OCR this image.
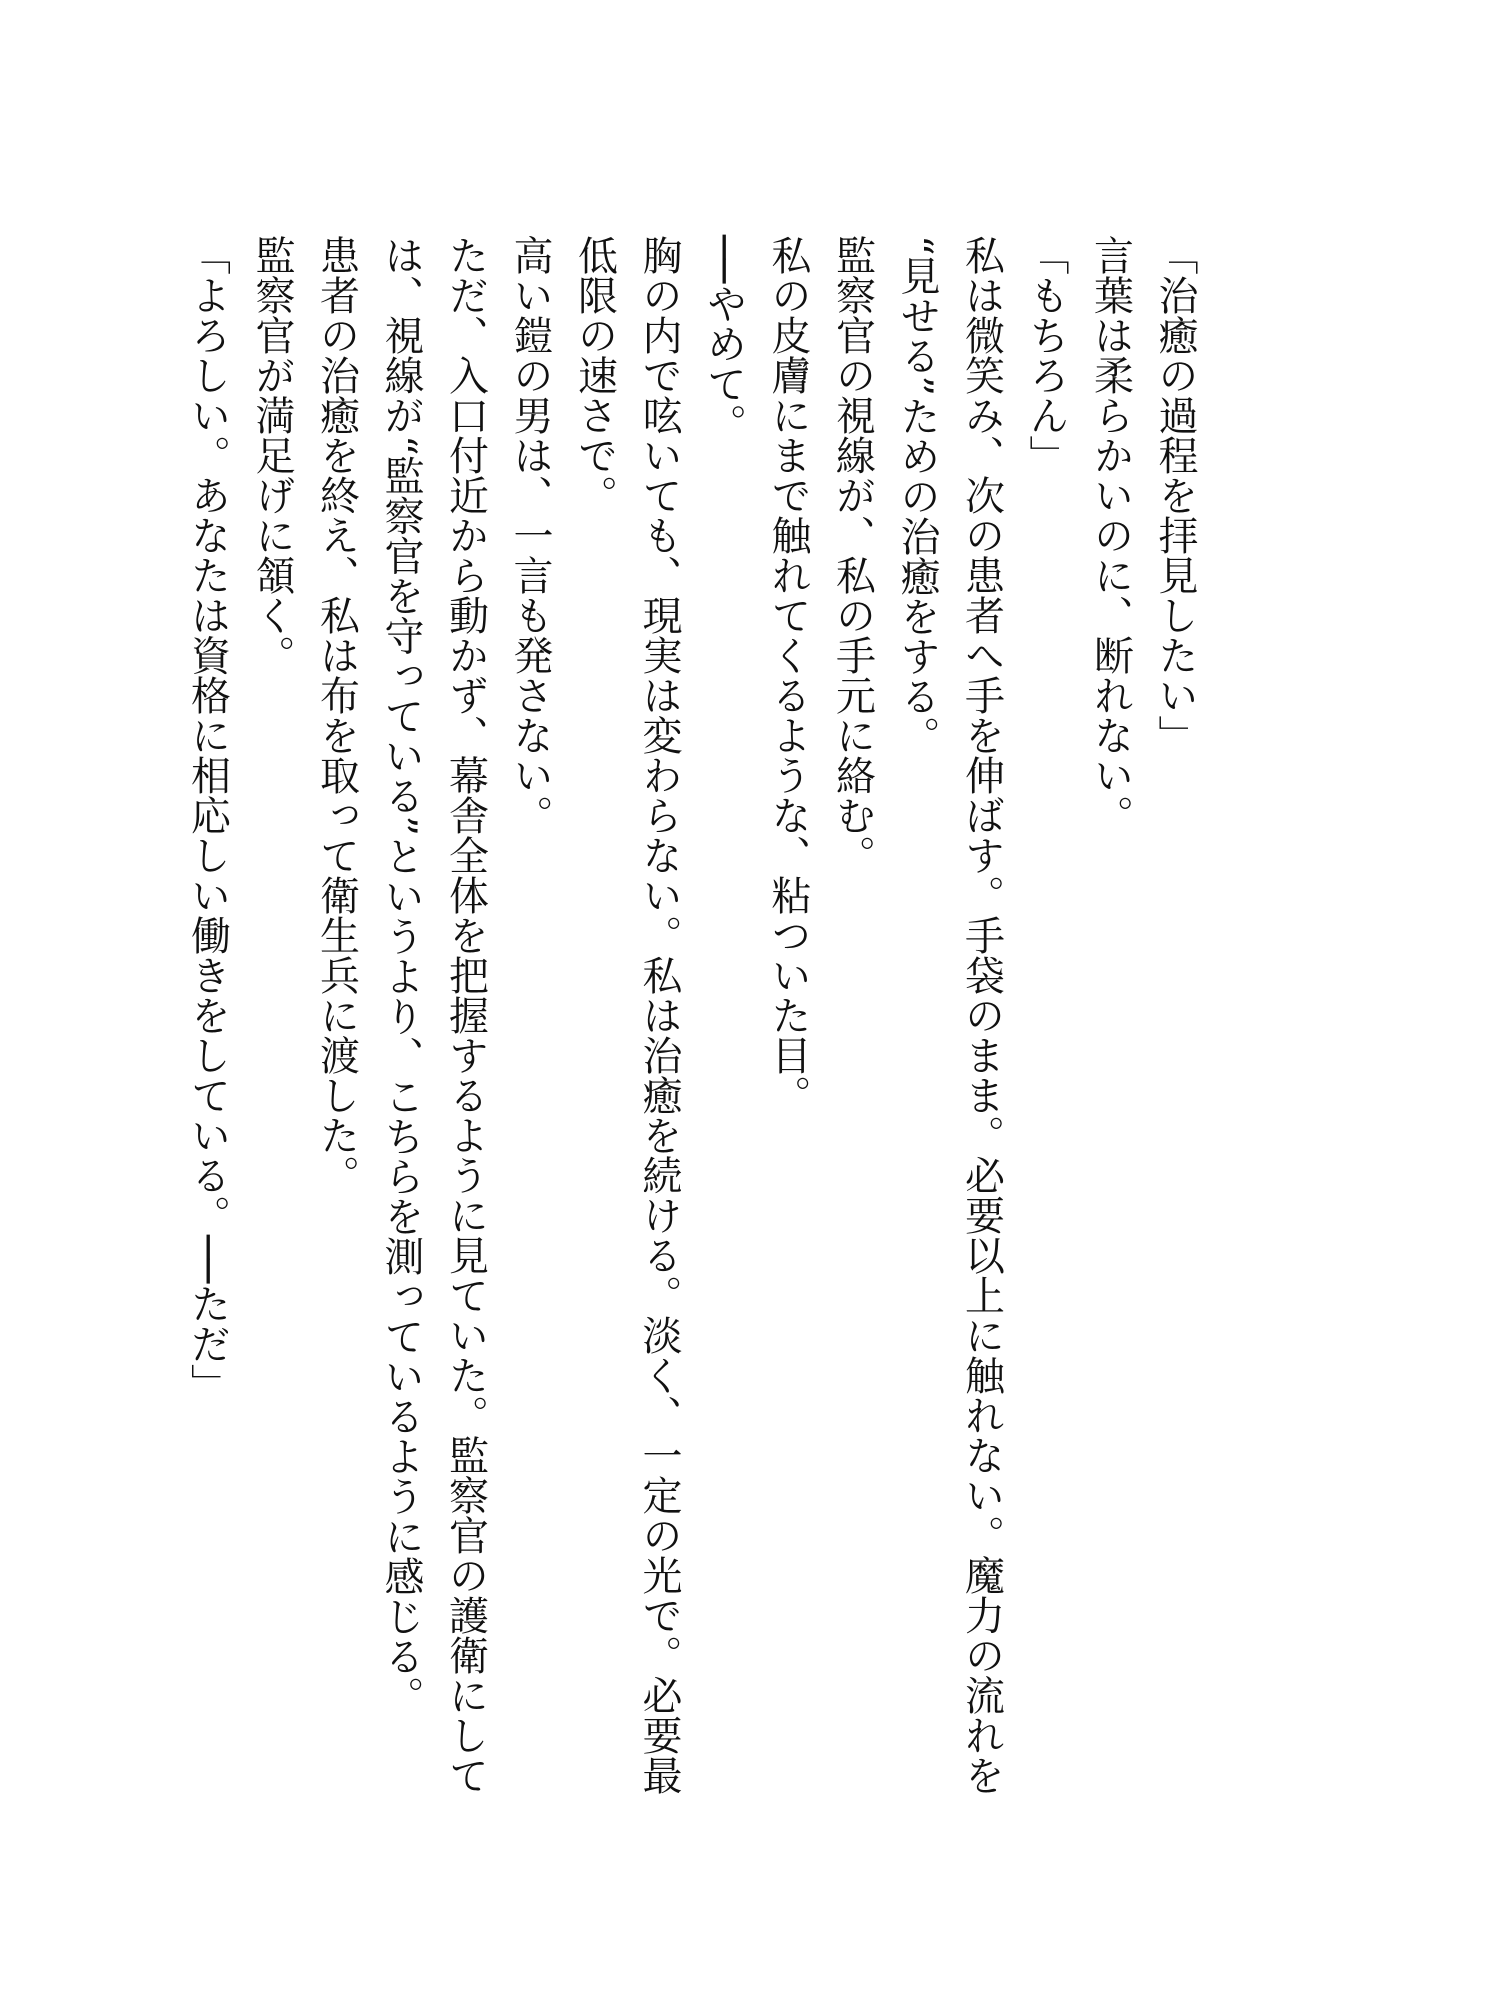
「治癒の過程を拝見したい」

言葉は柔らかいのに、断れない。

「もちろん」

私は微笑み、次の患者へ手を伸ばす。手袋のまま。必要以上に触れない。魔力の流れを“見せる”ための治癒をする。

監察官の視線が、私の手元に絡む。

私の皮膚にまで触れてくるような、粘ついた目。

──やめて。

胸の内で呟いても、現実は変わらない。私は治癒を続ける。淡く、一定の光で。必要最低限の速さで。

高い鎧の男は、一言も発さない。

ただ、入口付近から動かず、幕舎全体を把握するように見ていた。監察官の護衛にしては、視線が“監察官を守っている”というより、こちらを測っているように感じる。

患者の治癒を終え、私は布を取って衛生兵に渡した。

監察官が満足げに頷く。

「よろしい。あなたは資格に相応しい働きをしている。──ただ」
